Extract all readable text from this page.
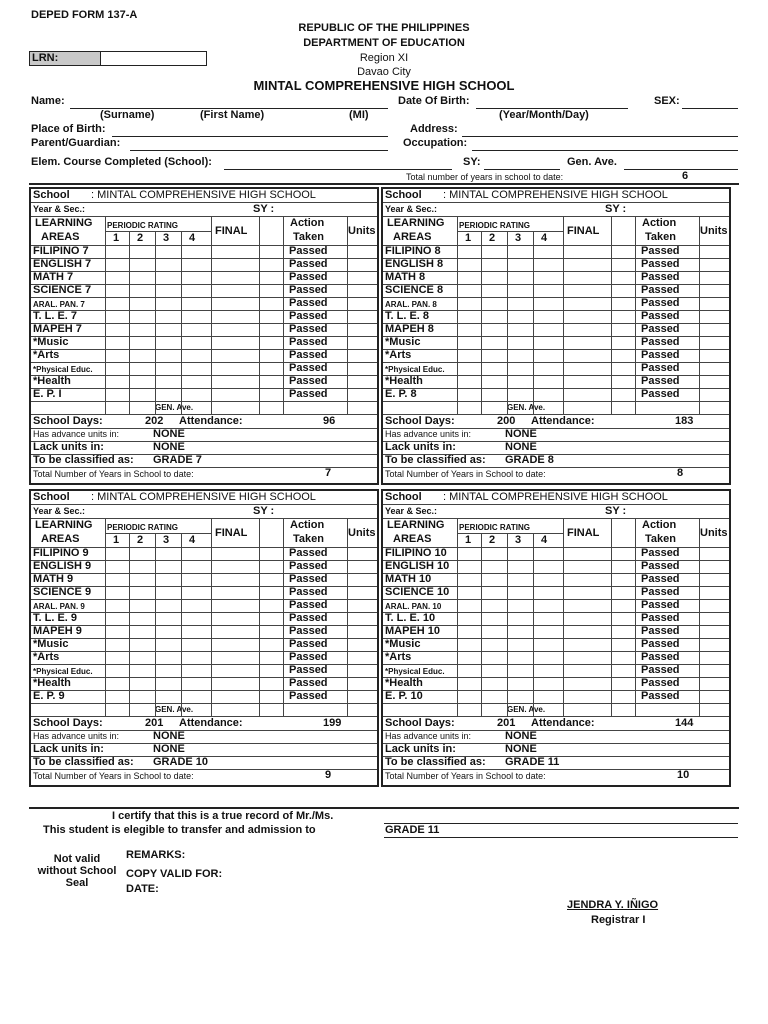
DEPED FORM 137-A
REPUBLIC OF THE PHILIPPINES
DEPARTMENT OF EDUCATION
LRN:	Region XI
Davao City
MINTAL COMPREHENSIVE HIGH SCHOOL
Name:	Date Of Birth:	SEX:
(Surname)	(First Name)	(MI)	(Year/Month/Day)
Place of Birth:	Address:
Parent/Guardian:	Occupation:
Elem. Course Completed (School):	SY:	Gen. Ave.
Total number of years in school to date:	6
School : MINTAL COMPREHENSIVE HIGH SCHOOL
Year & Sec.:	SY :
LEARNING
AREAS
PERIODIC RATING
1 2 3 4
FINAL
Action
Taken Units
FILIPINO 7	Passed
ENGLISH 7	Passed
MATH 7	Passed
SCIENCE 7	Passed
ARAL. PAN. 7	Passed
T. L. E. 7	Passed
MAPEH 7	Passed
*Music	Passed
*Arts	Passed
*Physical Educ.	Passed
*Health	Passed
E. P. I	Passed
GEN. Ave.
School Days:	202 Attendance:	96
Has advance units in:	NONE
Lack units in:	NONE
To be classified as: GRADE 7
Total Number of Years in School to date:	7
School : MINTAL COMPREHENSIVE HIGH SCHOOL
Year & Sec.:	SY :
LEARNING
AREAS
PERIODIC RATING
1 2 3 4
FINAL
Action
Taken Units
FILIPINO 8	Passed
ENGLISH 8	Passed
MATH 8	Passed
SCIENCE 8	Passed
ARAL. PAN. 8	Passed
T. L. E. 8	Passed
MAPEH 8	Passed
*Music	Passed
*Arts	Passed
*Physical Educ.	Passed
*Health	Passed
E. P. 8	Passed
GEN. Ave.
School Days:	200 Attendance:	183
Has advance units in:	NONE
Lack units in:	NONE
To be classified as: GRADE 8
Total Number of Years in School to date:	8
School : MINTAL COMPREHENSIVE HIGH SCHOOL
Year & Sec.:	SY :
LEARNING
AREAS
PERIODIC RATING
1 2 3 4
FINAL
Action
Taken Units
FILIPINO 9	Passed
ENGLISH 9	Passed
MATH 9	Passed
SCIENCE 9	Passed
ARAL. PAN. 9	Passed
T. L. E. 9	Passed
MAPEH 9	Passed
*Music	Passed
*Arts	Passed
*Physical Educ.	Passed
*Health	Passed
E. P. 9	Passed
GEN. Ave.
School Days:	201 Attendance:	199
Has advance units in:	NONE
Lack units in:	NONE
To be classified as: GRADE 10
Total Number of Years in School to date:	9
School : MINTAL COMPREHENSIVE HIGH SCHOOL
Year & Sec.:	SY :
LEARNING
AREAS
PERIODIC RATING
1 2 3 4
FINAL
Action
Taken Units
FILIPINO 10	Passed
ENGLISH 10	Passed
MATH 10	Passed
SCIENCE 10	Passed
ARAL. PAN. 10	Passed
T. L. E. 10	Passed
MAPEH 10	Passed
*Music	Passed
*Arts	Passed
*Physical Educ.	Passed
*Health	Passed
E. P. 10	Passed
GEN. Ave.
School Days:	201 Attendance:	144
Has advance units in:	NONE
Lack units in:	NONE
To be classified as: GRADE 11
Total Number of Years in School to date:	10
I certify that this is a true record of Mr./Ms.
This student is elegible to transfer and admission to	GRADE 11
Not valid
without School
Seal
REMARKS:
COPY VALID FOR:
DATE:
JENDRA Y. IÑIGO
Registrar I
